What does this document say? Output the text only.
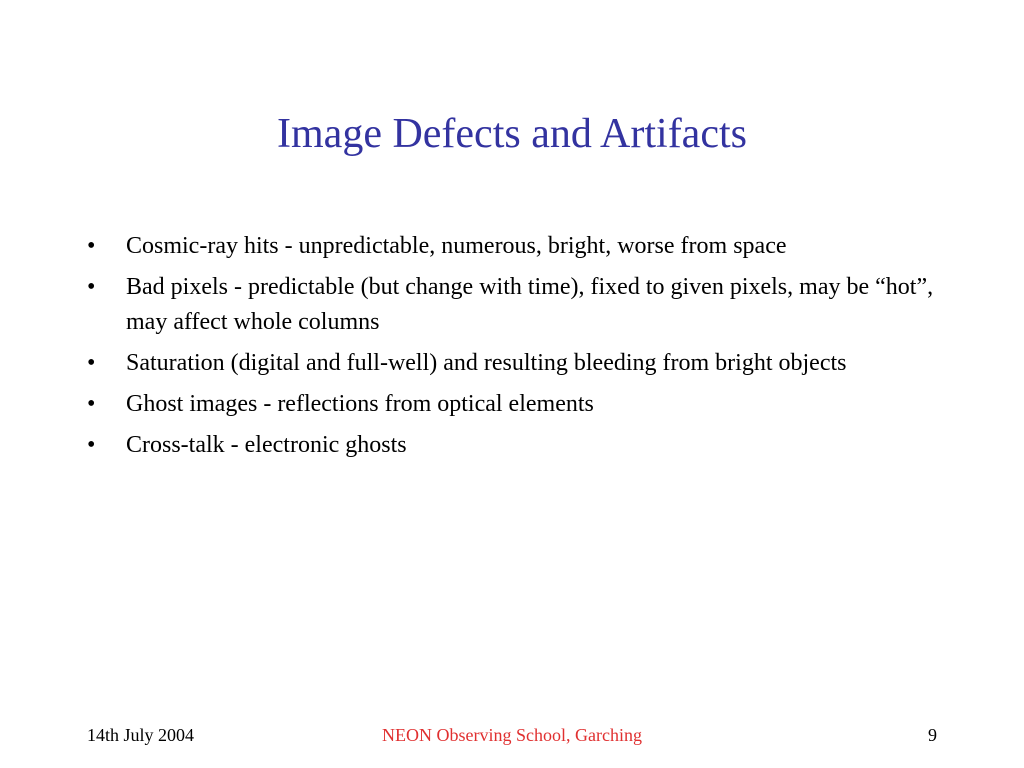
Image Defects and Artifacts
• Cosmic-ray hits - unpredictable, numerous, bright, worse from space
• Bad pixels - predictable (but change with time), fixed to given pixels, may be “hot”, may affect whole columns
• Saturation (digital and full-well) and resulting bleeding from bright objects
• Ghost images - reflections from optical elements
• Cross-talk - electronic ghosts
14th July 2004	NEON Observing School, Garching	9
